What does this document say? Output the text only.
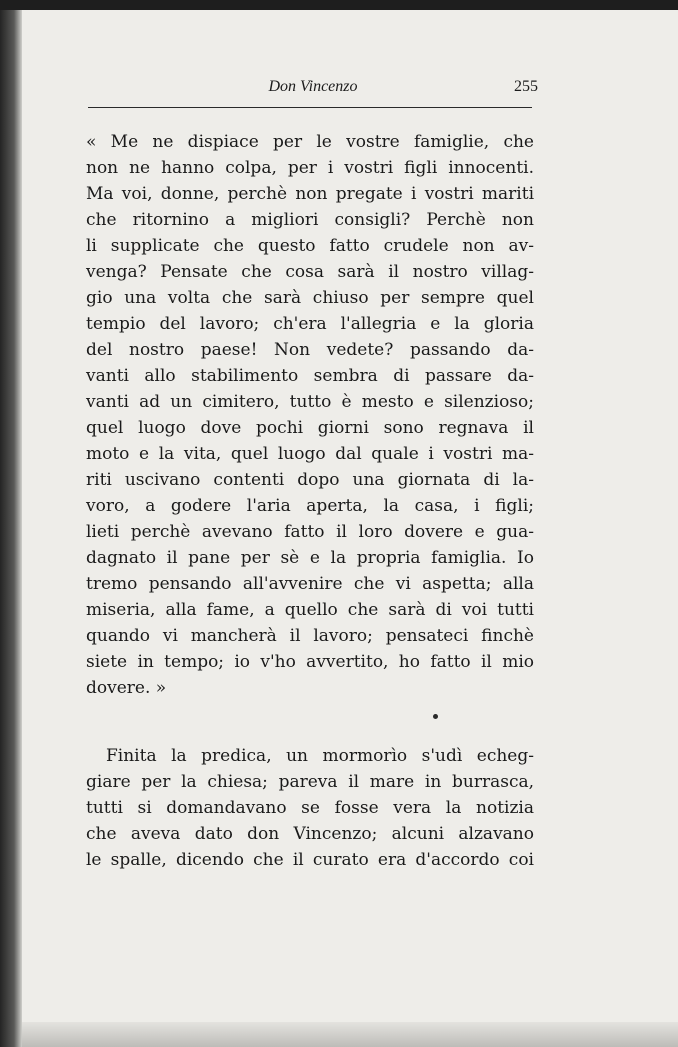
Don Vincenzo	255
« Me ne dispiace per le vostre famiglie, che
non ne hanno colpa, per i vostri figli innocenti.
Ma voi, donne, perchè non pregate i vostri mariti
che ritornino a migliori consigli? Perchè non
li supplicate che questo fatto crudele non av-
venga? Pensate che cosa sarà il nostro villag-
gio una volta che sarà chiuso per sempre quel
tempio del lavoro; ch'era l'allegria e la gloria
del nostro paese! Non vedete? passando da-
vanti allo stabilimento sembra di passare da-
vanti ad un cimitero, tutto è mesto e silenzioso;
quel luogo dove pochi giorni sono regnava il
moto e la vita, quel luogo dal quale i vostri ma-
riti uscivano contenti dopo una giornata di la-
voro, a godere l'aria aperta, la casa, i figli;
lieti perchè avevano fatto il loro dovere e gua-
dagnato il pane per sè e la propria famiglia. Io
tremo pensando all'avvenire che vi aspetta; alla
miseria, alla fame, a quello che sarà di voi tutti
quando vi mancherà il lavoro; pensateci finchè
siete in tempo; io v'ho avvertito, ho fatto il mio
dovere. »
Finita la predica, un mormorìo s'udì echeg-
giare per la chiesa; pareva il mare in burrasca,
tutti si domandavano se fosse vera la notizia
che aveva dato don Vincenzo; alcuni alzavano
le spalle, dicendo che il curato era d'accordo coi
